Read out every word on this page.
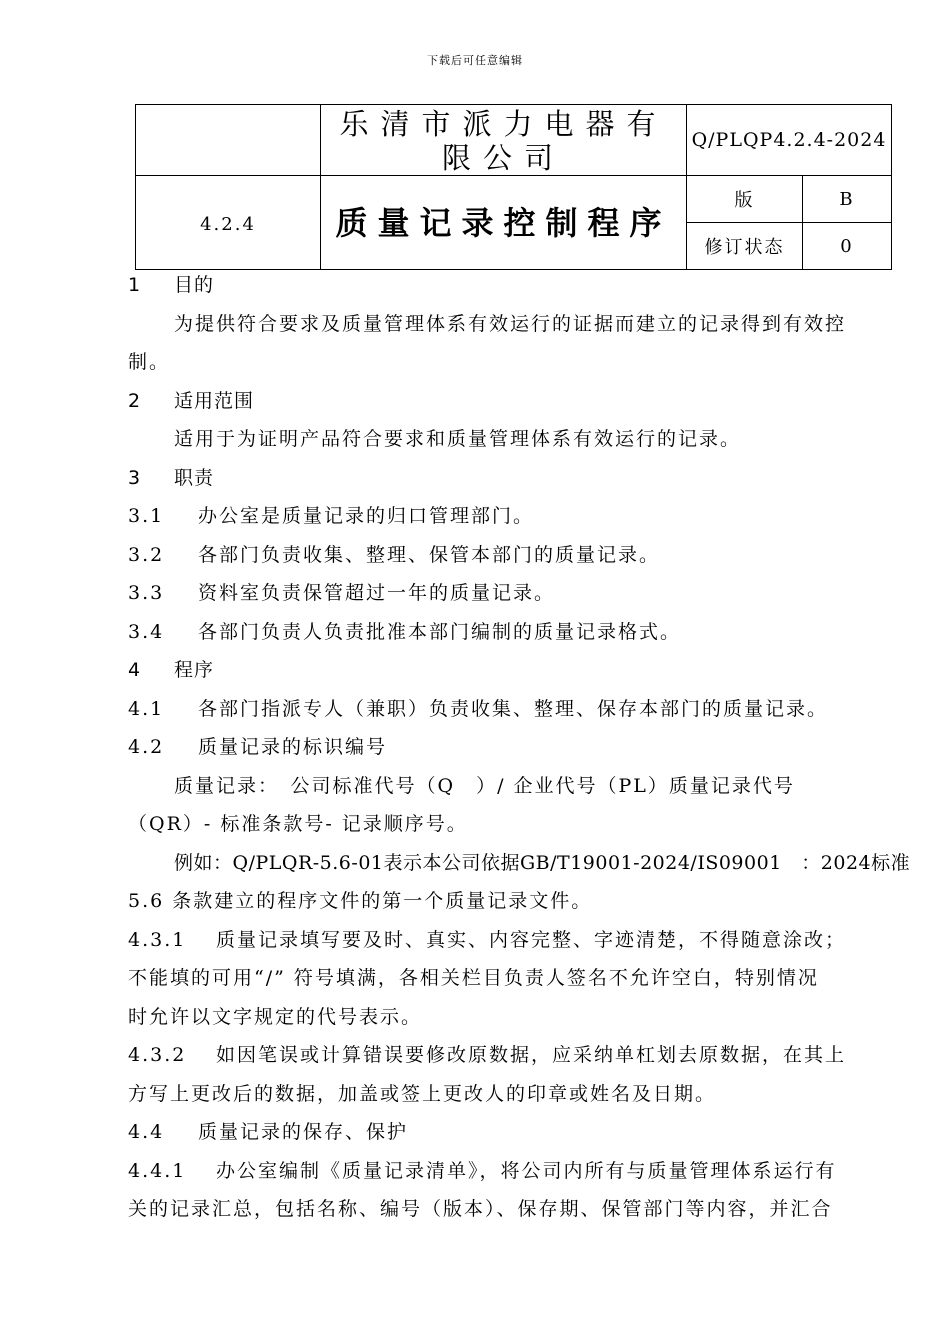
下载后可任意编辑
	乐清市派力电器有限公司	Q/PLQP4.2.4-2024	
4.2.4	质量记录控制程序	版	B
		修订状态	0
1 目的
为提供符合要求及质量管理体系有效运行的证据而建立的记录得到有效控
制。
2 适用范围
适用于为证明产品符合要求和质量管理体系有效运行的记录。
3 职责
3.1 办公室是质量记录的归口管理部门。
3.2 各部门负责收集、整理、保管本部门的质量记录。
3.3 资料室负责保管超过一年的质量记录。
3.4 各部门负责人负责批准本部门编制的质量记录格式。
4 程序
4.1 各部门指派专人（兼职）负责收集、整理、保存本部门的质量记录。
4.2 质量记录的标识编号
质量记录：　公司标准代号（Q　）/ 企业代号（PL）质量记录代号
（QR）- 标准条款号- 记录顺序号。
例如：Q/PLQR-5.6-01表示本公司依据GB/T19001-2024/IS09001　：2024标准
5.6 条款建立的程序文件的第一个质量记录文件。
4.3.1 质量记录填写要及时、真实、内容完整、字迹清楚，不得随意涂改；
不能填的可用“/” 符号填满，各相关栏目负责人签名不允许空白，特别情况
时允许以文字规定的代号表示。
4.3.2 如因笔误或计算错误要修改原数据，应采纳单杠划去原数据，在其上
方写上更改后的数据，加盖或签上更改人的印章或姓名及日期。
4.4 质量记录的保存、保护
4.4.1 办公室编制《质量记录清单》，将公司内所有与质量管理体系运行有
关的记录汇总，包括名称、编号（版本）、保存期、保管部门等内容，并汇合
